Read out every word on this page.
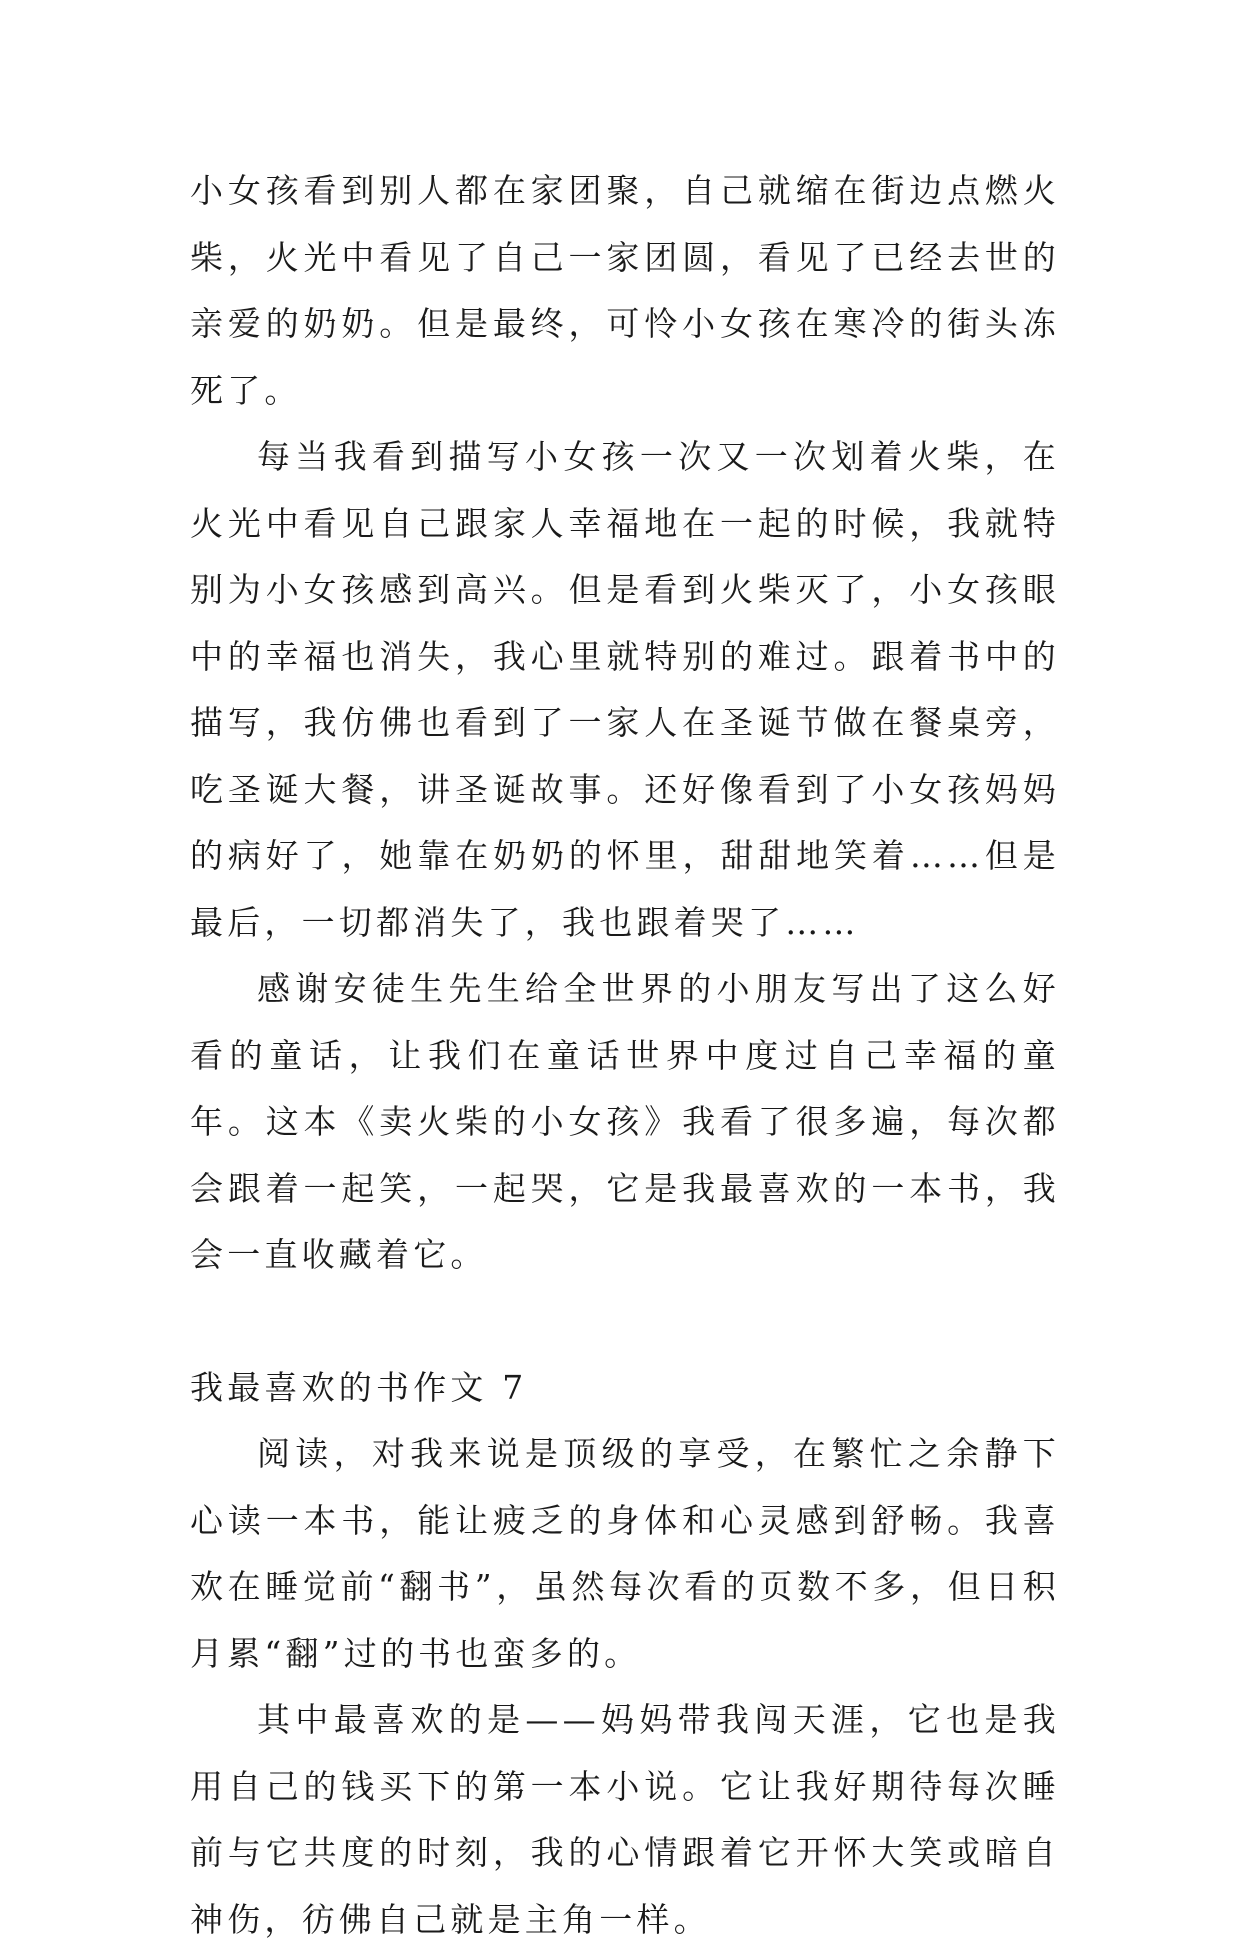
小女孩看到别人都在家团聚，自己就缩在街边点燃火柴，火光中看见了自己一家团圆，看见了已经去世的亲爱的奶奶。但是最终，可怜小女孩在寒冷的街头冻死了。

每当我看到描写小女孩一次又一次划着火柴，在火光中看见自己跟家人幸福地在一起的时候，我就特别为小女孩感到高兴。但是看到火柴灭了，小女孩眼中的幸福也消失，我心里就特别的难过。跟着书中的描写，我仿佛也看到了一家人在圣诞节做在餐桌旁，吃圣诞大餐，讲圣诞故事。还好像看到了小女孩妈妈的病好了，她靠在奶奶的怀里，甜甜地笑着……但是最后，一切都消失了，我也跟着哭了……

感谢安徒生先生给全世界的小朋友写出了这么好看的童话，让我们在童话世界中度过自己幸福的童年。这本《卖火柴的小女孩》我看了很多遍，每次都会跟着一起笑，一起哭，它是我最喜欢的一本书，我会一直收藏着它。

我最喜欢的书作文 7

阅读，对我来说是顶级的享受，在繁忙之余静下心读一本书，能让疲乏的身体和心灵感到舒畅。我喜欢在睡觉前“翻书”，虽然每次看的页数不多，但日积月累“翻”过的书也蛮多的。

其中最喜欢的是——妈妈带我闯天涯，它也是我用自己的钱买下的第一本小说。它让我好期待每次睡前与它共度的时刻，我的心情跟着它开怀大笑或暗自神伤，彷佛自己就是主角一样。
